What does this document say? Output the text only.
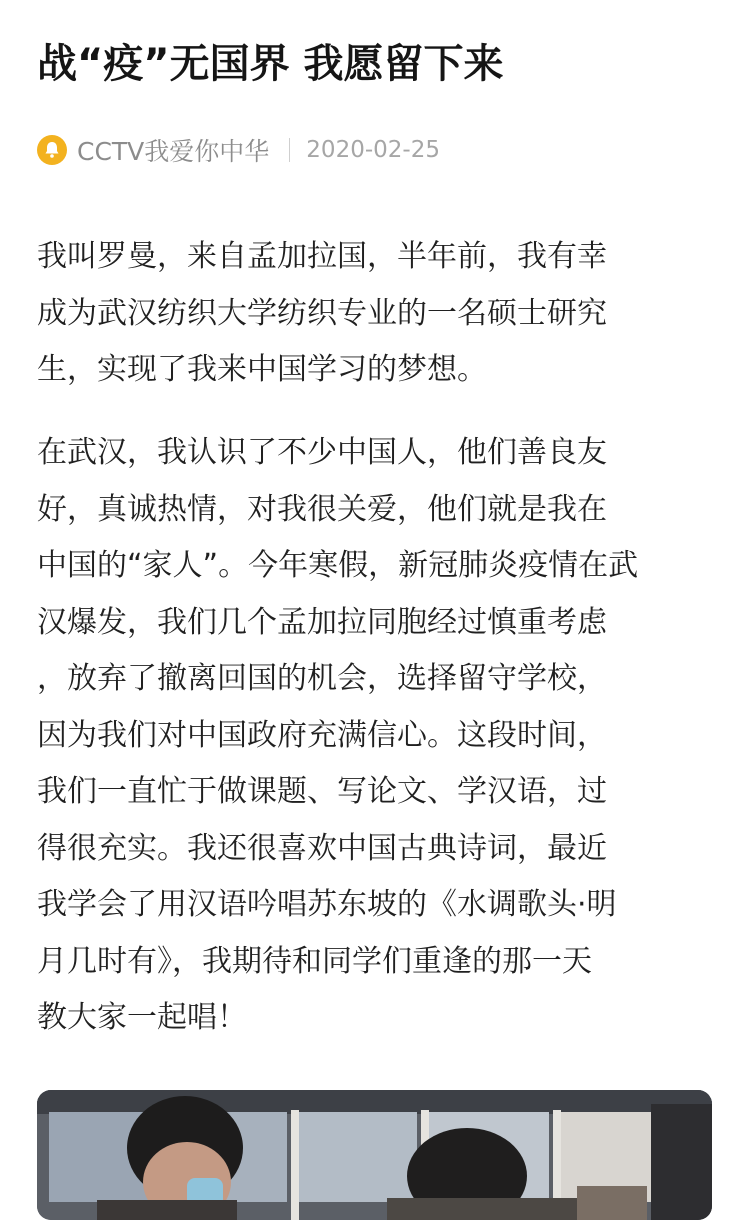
战“疫”无国界 我愿留下来
CCTV我爱你中华 2020-02-25

我叫罗曼，来自孟加拉国，半年前，我有幸
成为武汉纺织大学纺织专业的一名硕士研究
生，实现了我来中国学习的梦想。

在武汉，我认识了不少中国人，他们善良友
好，真诚热情，对我很关爱，他们就是我在
中国的“家人”。今年寒假，新冠肺炎疫情在武
汉爆发，我们几个孟加拉同胞经过慎重考虑
，放弃了撤离回国的机会，选择留守学校，
因为我们对中国政府充满信心。这段时间，
我们一直忙于做课题、写论文、学汉语，过
得很充实。我还很喜欢中国古典诗词，最近
我学会了用汉语吟唱苏东坡的《水调歌头·明
月几时有》，我期待和同学们重逢的那一天
教大家一起唱！
